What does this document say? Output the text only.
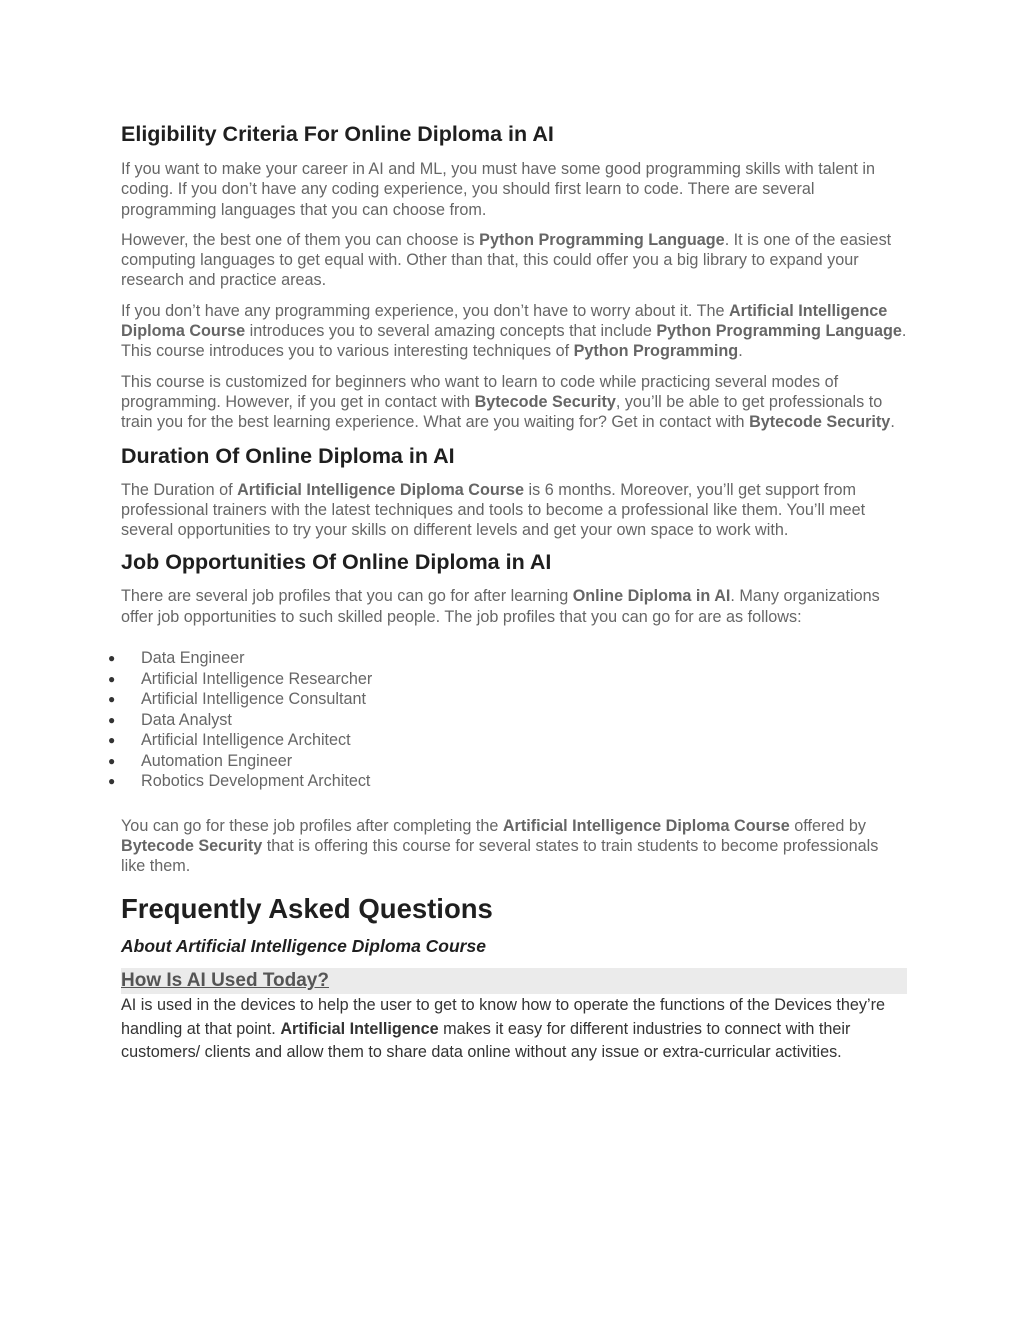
Eligibility Criteria For Online Diploma in AI

If you want to make your career in AI and ML, you must have some good programming skills with talent in coding. If you don’t have any coding experience, you should first learn to code. There are several programming languages that you can choose from.

However, the best one of them you can choose is Python Programming Language. It is one of the easiest computing languages to get equal with. Other than that, this could offer you a big library to expand your research and practice areas.

If you don’t have any programming experience, you don’t have to worry about it. The Artificial Intelligence Diploma Course introduces you to several amazing concepts that include Python Programming Language. This course introduces you to various interesting techniques of Python Programming.

This course is customized for beginners who want to learn to code while practicing several modes of programming. However, if you get in contact with Bytecode Security, you’ll be able to get professionals to train you for the best learning experience. What are you waiting for? Get in contact with Bytecode Security.

Duration Of Online Diploma in AI

The Duration of Artificial Intelligence Diploma Course is 6 months. Moreover, you’ll get support from professional trainers with the latest techniques and tools to become a professional like them. You’ll meet several opportunities to try your skills on different levels and get your own space to work with.

Job Opportunities Of Online Diploma in AI

There are several job profiles that you can go for after learning Online Diploma in AI. Many organizations offer job opportunities to such skilled people. The job profiles that you can go for are as follows:

● Data Engineer
● Artificial Intelligence Researcher
● Artificial Intelligence Consultant
● Data Analyst
● Artificial Intelligence Architect
● Automation Engineer
● Robotics Development Architect

You can go for these job profiles after completing the Artificial Intelligence Diploma Course offered by Bytecode Security that is offering this course for several states to train students to become professionals like them.

Frequently Asked Questions
About Artificial Intelligence Diploma Course
How Is AI Used Today?

AI is used in the devices to help the user to get to know how to operate the functions of the Devices they’re handling at that point. Artificial Intelligence makes it easy for different industries to connect with their customers/ clients and allow them to share data online without any issue or extra-curricular activities.
